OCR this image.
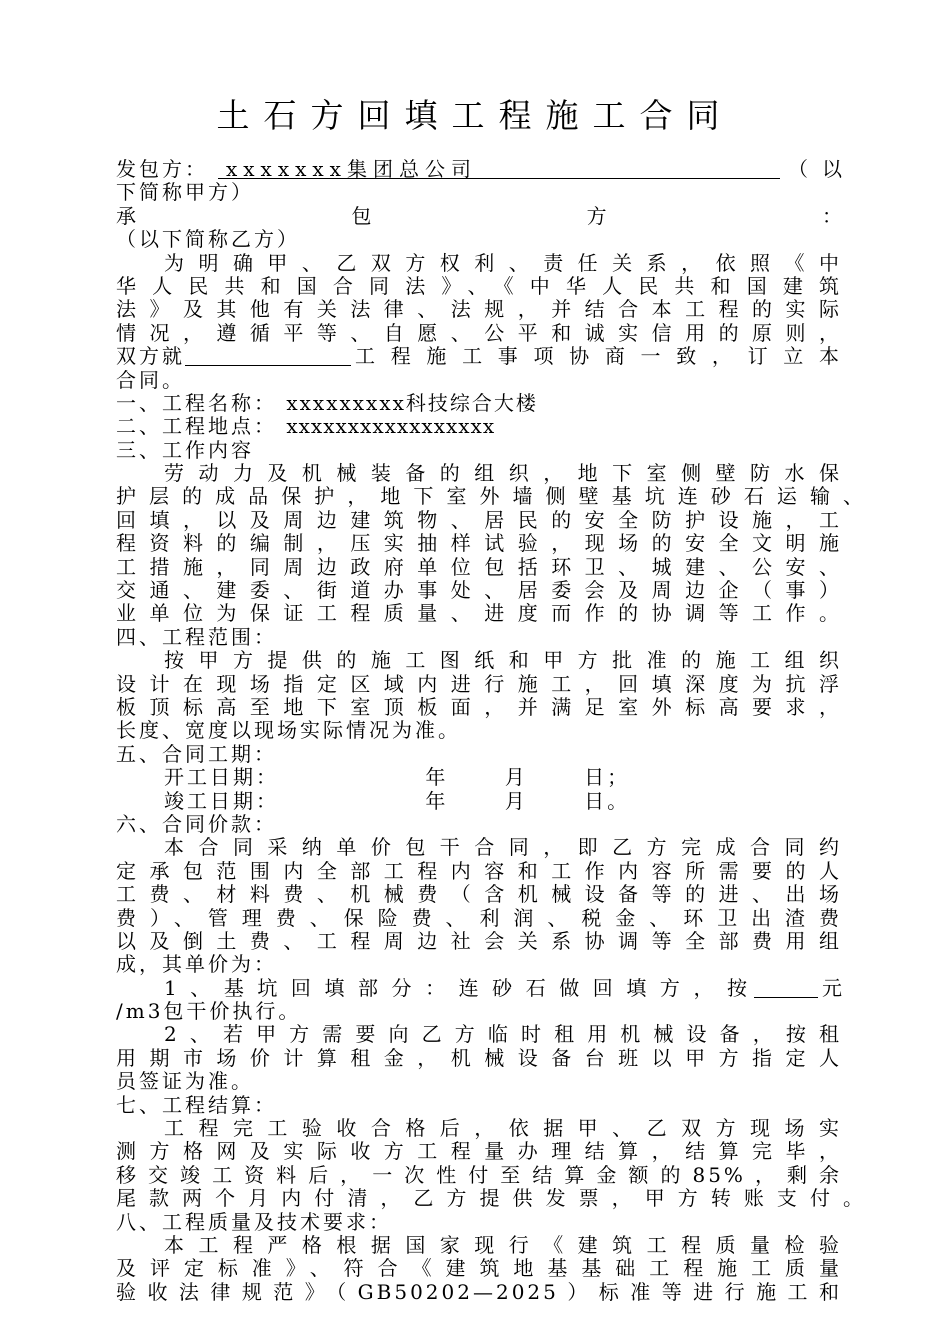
土石方回填工程施工合同
发包方： xxxxxxx集团总公司	（以
下简称甲方）
承	包	方	：
（以下简称乙方）
为明确甲、乙双方权利、责任关系，依照《中
华人民共和国合同法》、《中华人民共和国建筑
法》及其他有关法律、法规，并结合本工程的实际
情况，遵循平等、自愿、公平和诚实信用的原则，
双方就	工程施工事项协商一致，订立本
合同。
一、工程名称： xxxxxxxxx科技综合大楼
二、工程地点： xxxxxxxxxxxxxxxxx
三、工作内容
劳动力及机械装备的组织，地下室侧壁防水保
护层的成品保护，地下室外墙侧壁基坑连砂石运输、
回填，以及周边建筑物、居民的安全防护设施，工
程资料的编制，压实抽样试验，现场的安全文明施
工措施，同周边政府单位包括环卫、城建、公安、
交通、建委、街道办事处、居委会及周边企（事）
业单位为保证工程质量、进度而作的协调等工作。
四、工程范围：
按甲方提供的施工图纸和甲方批准的施工组织
设计在现场指定区域内进行施工，回填深度为抗浮
板顶标高至地下室顶板面，并满足室外标高要求，
长度、宽度以现场实际情况为准。
五、合同工期：
开工日期：	年	月	日；
竣工日期：	年	月	日。
六、合同价款：
本合同采纳单价包干合同，即乙方完成合同约
定承包范围内全部工程内容和工作内容所需要的人
工费、材料费、机械费（含机械设备等的进、出场
费）、管理费、保险费、利润、税金、环卫出渣费
以及倒土费、工程周边社会关系协调等全部费用组
成，其单价为：
1、基坑回填部分：连砂石做回填方，按	元
/m3包干价执行。
2、若甲方需要向乙方临时租用机械设备，按租
用期市场价计算租金，机械设备台班以甲方指定人
员签证为准。
七、工程结算：
工程完工验收合格后，依据甲、乙双方现场实
测方格网及实际收方工程量办理结算，结算完毕，
移交竣工资料后，一次性付至结算金额的85%，剩余
尾款两个月内付清，乙方提供发票，甲方转账支付。
八、工程质量及技术要求：
本工程严格根据国家现行《建筑工程质量检验
及评定标准》、符合《建筑地基基础工程施工质量
验收法律规范》（GB50202—2025）标准等进行施工和
